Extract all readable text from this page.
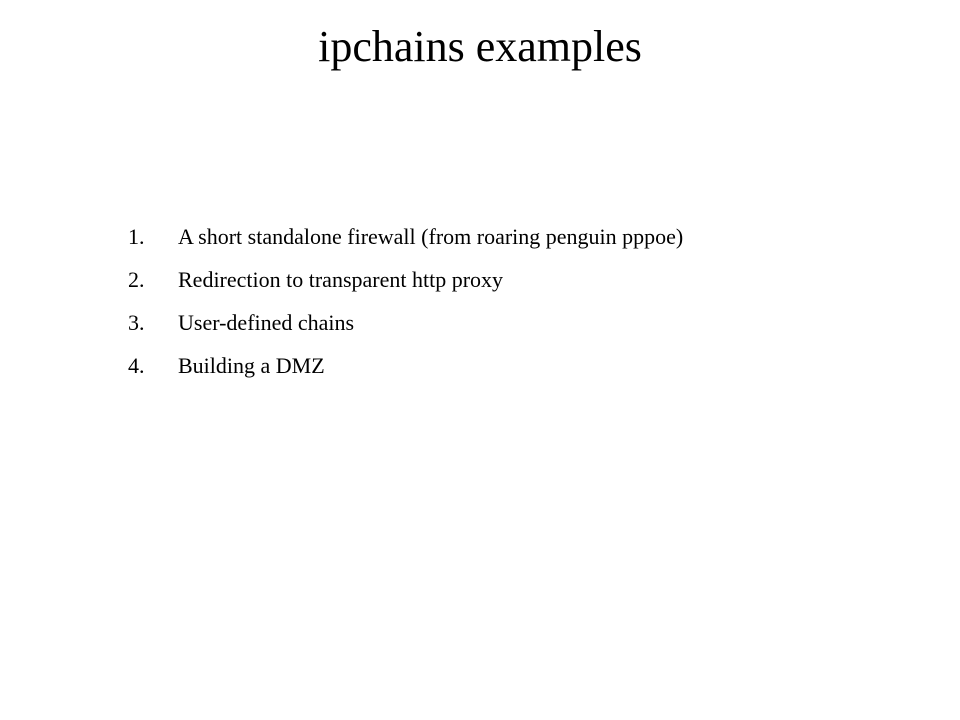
ipchains examples
1.	A short standalone firewall (from roaring penguin pppoe)
2.	Redirection to transparent http proxy
3.	User-defined chains
4.	Building a DMZ
